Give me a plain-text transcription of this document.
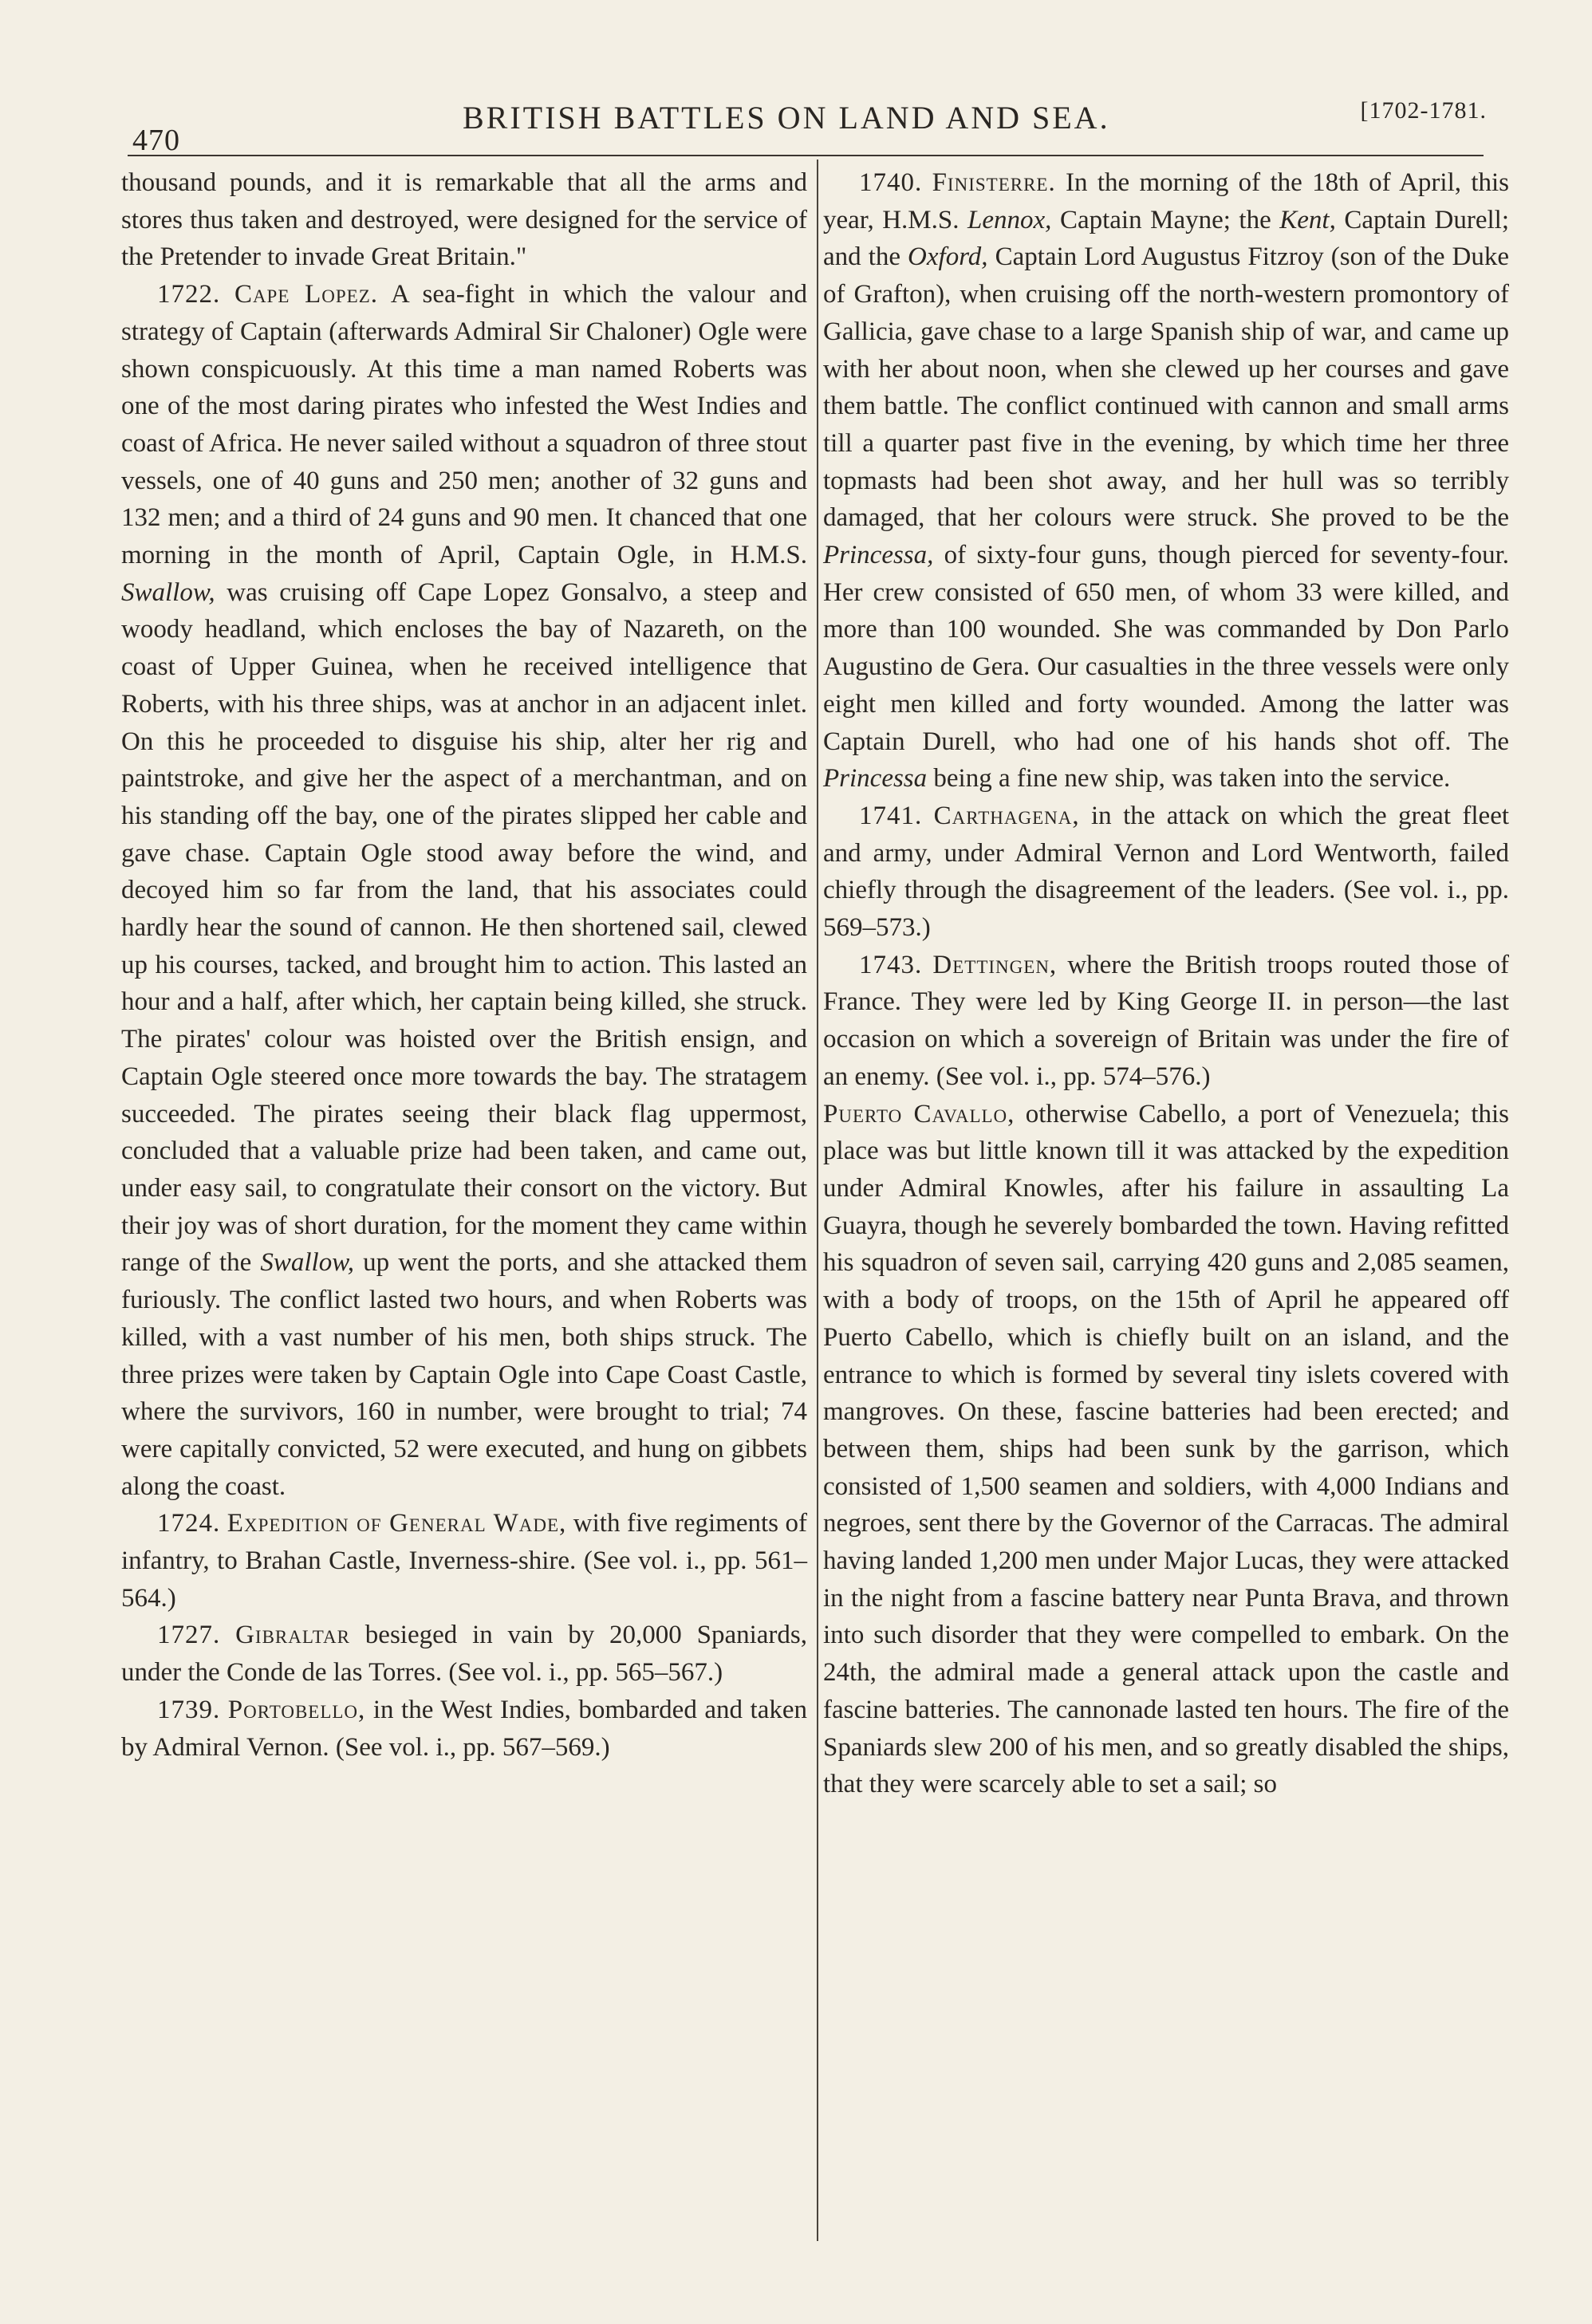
470
BRITISH BATTLES ON LAND AND SEA.	[1702-1781.

thousand pounds, and it is remarkable that all the arms and stores thus taken and destroyed, were designed for the service of the Pretender to invade Great Britain."

1722. Cape Lopez. A sea-fight in which the valour and strategy of Captain (afterwards Admiral Sir Chaloner) Ogle were shown conspicuously. At this time a man named Roberts was one of the most daring pirates who infested the West Indies and coast of Africa. He never sailed without a squadron of three stout vessels, one of 40 guns and 250 men; another of 32 guns and 132 men; and a third of 24 guns and 90 men. It chanced that one morning in the month of April, Captain Ogle, in H.M.S. Swallow, was cruising off Cape Lopez Gonsalvo, a steep and woody headland, which encloses the bay of Nazareth, on the coast of Upper Guinea, when he received intelligence that Roberts, with his three ships, was at anchor in an adjacent inlet. On this he proceeded to disguise his ship, alter her rig and paintstroke, and give her the aspect of a merchantman, and on his standing off the bay, one of the pirates slipped her cable and gave chase. Captain Ogle stood away before the wind, and decoyed him so far from the land, that his associates could hardly hear the sound of cannon. He then shortened sail, clewed up his courses, tacked, and brought him to action. This lasted an hour and a half, after which, her captain being killed, she struck. The pirates' colour was hoisted over the British ensign, and Captain Ogle steered once more towards the bay. The stratagem succeeded. The pirates seeing their black flag uppermost, concluded that a valuable prize had been taken, and came out, under easy sail, to congratulate their consort on the victory. But their joy was of short duration, for the moment they came within range of the Swallow, up went the ports, and she attacked them furiously. The conflict lasted two hours, and when Roberts was killed, with a vast number of his men, both ships struck. The three prizes were taken by Captain Ogle into Cape Coast Castle, where the survivors, 160 in number, were brought to trial; 74 were capitally convicted, 52 were executed, and hung on gibbets along the coast.

1724. Expedition of General Wade, with five regiments of infantry, to Brahan Castle, Inverness-shire. (See vol. i., pp. 561–564.)

1727. Gibraltar besieged in vain by 20,000 Spaniards, under the Conde de las Torres. (See vol. i., pp. 565–567.)

1739. Portobello, in the West Indies, bombarded and taken by Admiral Vernon. (See vol. i., pp. 567–569.)

1740. Finisterre. In the morning of the 18th of April, this year, H.M.S. Lennox, Captain Mayne; the Kent, Captain Durell; and the Oxford, Captain Lord Augustus Fitzroy (son of the Duke of Grafton), when cruising off the north-western promontory of Gallicia, gave chase to a large Spanish ship of war, and came up with her about noon, when she clewed up her courses and gave them battle. The conflict continued with cannon and small arms till a quarter past five in the evening, by which time her three topmasts had been shot away, and her hull was so terribly damaged, that her colours were struck. She proved to be the Princessa, of sixty-four guns, though pierced for seventy-four. Her crew consisted of 650 men, of whom 33 were killed, and more than 100 wounded. She was commanded by Don Parlo Augustino de Gera. Our casualties in the three vessels were only eight men killed and forty wounded. Among the latter was Captain Durell, who had one of his hands shot off. The Princessa being a fine new ship, was taken into the service.

1741. Carthagena, in the attack on which the great fleet and army, under Admiral Vernon and Lord Wentworth, failed chiefly through the disagreement of the leaders. (See vol. i., pp. 569–573.)

1743. Dettingen, where the British troops routed those of France. They were led by King George II. in person—the last occasion on which a sovereign of Britain was under the fire of an enemy. (See vol. i., pp. 574–576.)

Puerto Cavallo, otherwise Cabello, a port of Venezuela; this place was but little known till it was attacked by the expedition under Admiral Knowles, after his failure in assaulting La Guayra, though he severely bombarded the town. Having refitted his squadron of seven sail, carrying 420 guns and 2,085 seamen, with a body of troops, on the 15th of April he appeared off Puerto Cabello, which is chiefly built on an island, and the entrance to which is formed by several tiny islets covered with mangroves. On these, fascine batteries had been erected; and between them, ships had been sunk by the garrison, which consisted of 1,500 seamen and soldiers, with 4,000 Indians and negroes, sent there by the Governor of the Carracas. The admiral having landed 1,200 men under Major Lucas, they were attacked in the night from a fascine battery near Punta Brava, and thrown into such disorder that they were compelled to embark. On the 24th, the admiral made a general attack upon the castle and fascine batteries. The cannonade lasted ten hours. The fire of the Spaniards slew 200 of his men, and so greatly disabled the ships, that they were scarcely able to set a sail; so
